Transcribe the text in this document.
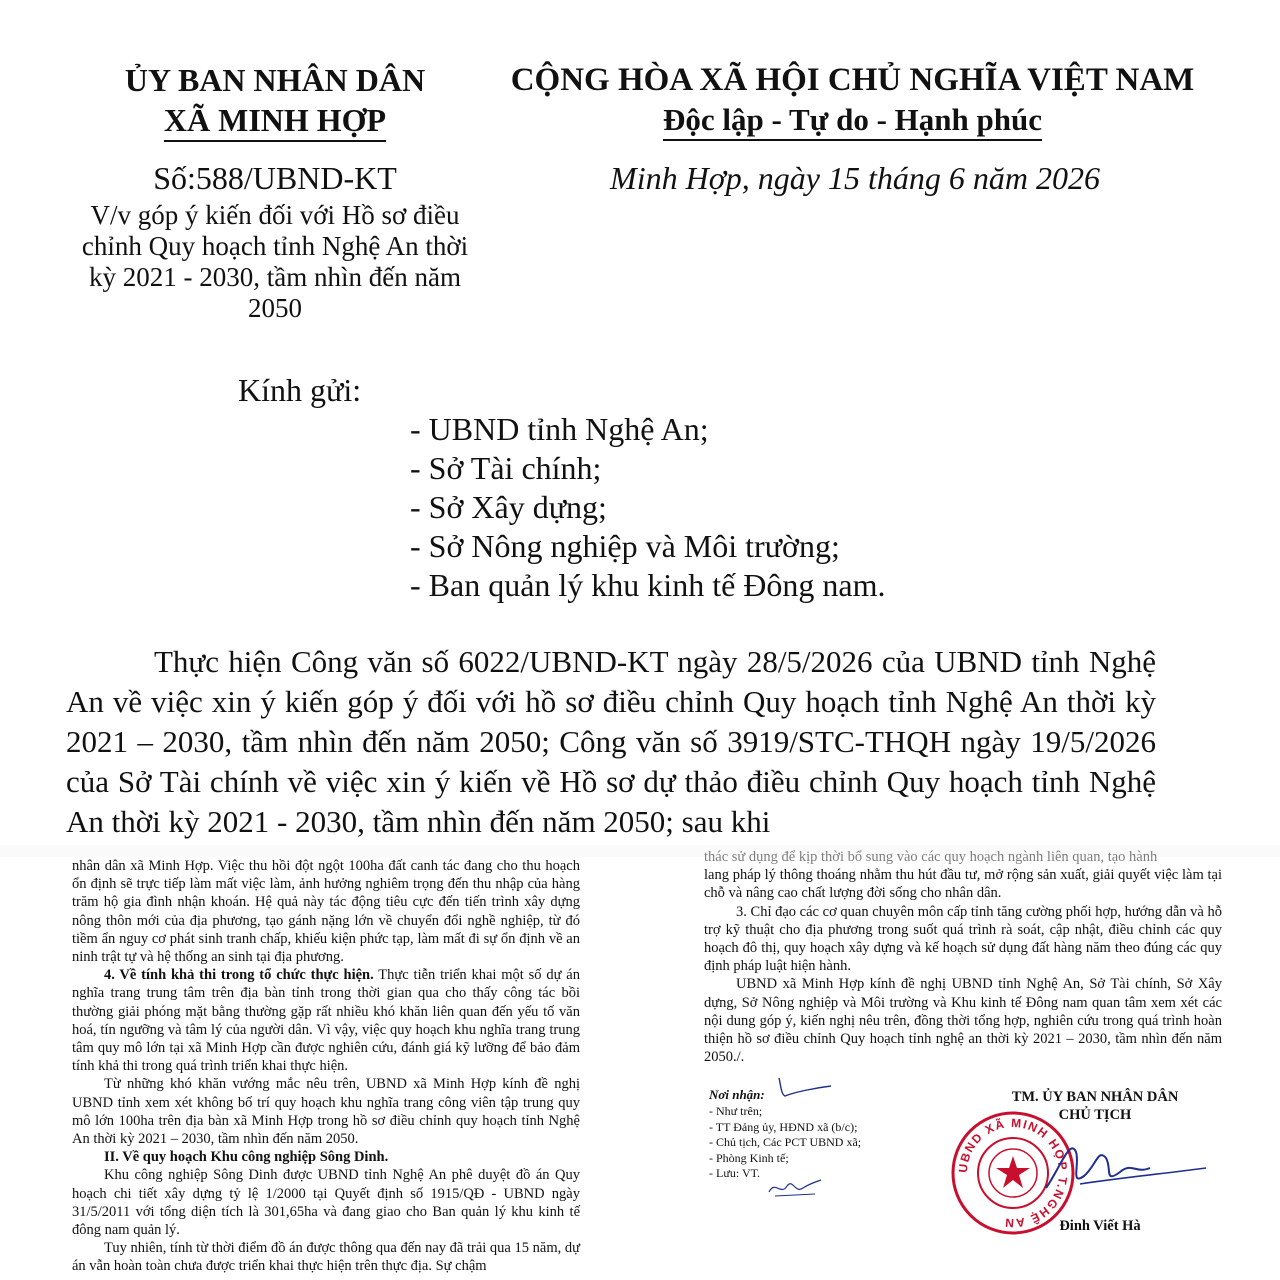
ỦY BAN NHÂN DÂN
XÃ MINH HỢP
CỘNG HÒA XÃ HỘI CHỦ NGHĨA VIỆT NAM
Độc lập - Tự do - Hạnh phúc
Số:588/UBND-KT
V/v góp ý kiến đối với Hồ sơ điều chỉnh Quy hoạch tỉnh Nghệ An thời kỳ 2021 - 2030, tầm nhìn đến năm 2050
Minh Hợp, ngày 15 tháng 6 năm 2026
Kính gửi:
- UBND tỉnh Nghệ An;
- Sở Tài chính;
- Sở Xây dựng;
- Sở Nông nghiệp và Môi trường;
- Ban quản lý khu kinh tế Đông nam.
Thực hiện Công văn số 6022/UBND-KT ngày 28/5/2026 của UBND tỉnh Nghệ An về việc xin ý kiến góp ý đối với hồ sơ điều chỉnh Quy hoạch tỉnh Nghệ An thời kỳ 2021 – 2030, tầm nhìn đến năm 2050; Công văn số 3919/STC-THQH ngày 19/5/2026 của Sở Tài chính về việc xin ý kiến về Hồ sơ dự thảo điều chỉnh Quy hoạch tỉnh Nghệ An thời kỳ 2021 - 2030, tầm nhìn đến năm 2050; sau khi
nhân dân xã Minh Hợp. Việc thu hồi đột ngột 100ha đất canh tác đang cho thu hoạch ổn định sẽ trực tiếp làm mất việc làm, ảnh hưởng nghiêm trọng đến thu nhập của hàng trăm hộ gia đình nhận khoán. Hệ quả này tác động tiêu cực đến tiến trình xây dựng nông thôn mới của địa phương, tạo gánh nặng lớn về chuyển đổi nghề nghiệp, từ đó tiềm ẩn nguy cơ phát sinh tranh chấp, khiếu kiện phức tạp, làm mất đi sự ổn định về an ninh trật tự và hệ thống an sinh tại địa phương.
4. Về tính khả thi trong tổ chức thực hiện. Thực tiễn triển khai một số dự án nghĩa trang trung tâm trên địa bàn tỉnh trong thời gian qua cho thấy công tác bồi thường giải phóng mặt bằng thường gặp rất nhiều khó khăn liên quan đến yếu tố văn hoá, tín ngưỡng và tâm lý của người dân. Vì vậy, việc quy hoạch khu nghĩa trang trung tâm quy mô lớn tại xã Minh Hợp cần được nghiên cứu, đánh giá kỹ lưỡng để bảo đảm tính khả thi trong quá trình triển khai thực hiện.
Từ những khó khăn vướng mắc nêu trên, UBND xã Minh Hợp kính đề nghị UBND tỉnh xem xét không bố trí quy hoạch khu nghĩa trang công viên tập trung quy mô lớn 100ha trên địa bàn xã Minh Hợp trong hồ sơ điều chỉnh quy hoạch tỉnh Nghệ An thời kỳ 2021 – 2030, tầm nhìn đến năm 2050.
II. Về quy hoạch Khu công nghiệp Sông Dinh.
Khu công nghiệp Sông Dinh được UBND tỉnh Nghệ An phê duyệt đồ án Quy hoạch chi tiết xây dựng tỷ lệ 1/2000 tại Quyết định số 1915/QĐ - UBND ngày 31/5/2011 với tổng diện tích là 301,65ha và đang giao cho Ban quản lý khu kinh tế đông nam quản lý.
Tuy nhiên, tính từ thời điểm đồ án được thông qua đến nay đã trải qua 15 năm, dự án vẫn hoàn toàn chưa được triển khai thực hiện trên thực địa. Sự chậm
thác sử dụng để kịp thời bổ sung vào các quy hoạch ngành liên quan, tạo hành
lang pháp lý thông thoáng nhằm thu hút đầu tư, mở rộng sản xuất, giải quyết việc làm tại chỗ và nâng cao chất lượng đời sống cho nhân dân.
3. Chỉ đạo các cơ quan chuyên môn cấp tỉnh tăng cường phối hợp, hướng dẫn và hỗ trợ kỹ thuật cho địa phương trong suốt quá trình rà soát, cập nhật, điều chỉnh các quy hoạch đô thị, quy hoạch xây dựng và kế hoạch sử dụng đất hàng năm theo đúng các quy định pháp luật hiện hành.
UBND xã Minh Hợp kính đề nghị UBND tỉnh Nghệ An, Sở Tài chính, Sở Xây dựng, Sở Nông nghiệp và Môi trường và Khu kinh tế Đông nam quan tâm xem xét các nội dung góp ý, kiến nghị nêu trên, đồng thời tổng hợp, nghiên cứu trong quá trình hoàn thiện hồ sơ điều chỉnh Quy hoạch tỉnh nghệ an thời kỳ 2021 – 2030, tầm nhìn đến năm 2050./.
Nơi nhận:
- Như trên;
- TT Đảng ủy, HĐND xã (b/c);
- Chủ tịch, Các PCT UBND xã;
- Phòng Kinh tế;
- Lưu: VT.
TM. ỦY BAN NHÂN DÂN
CHỦ TỊCH
UBND XÃ MINH HỢP T.NGHỆ AN	Đinh Viết Hà
